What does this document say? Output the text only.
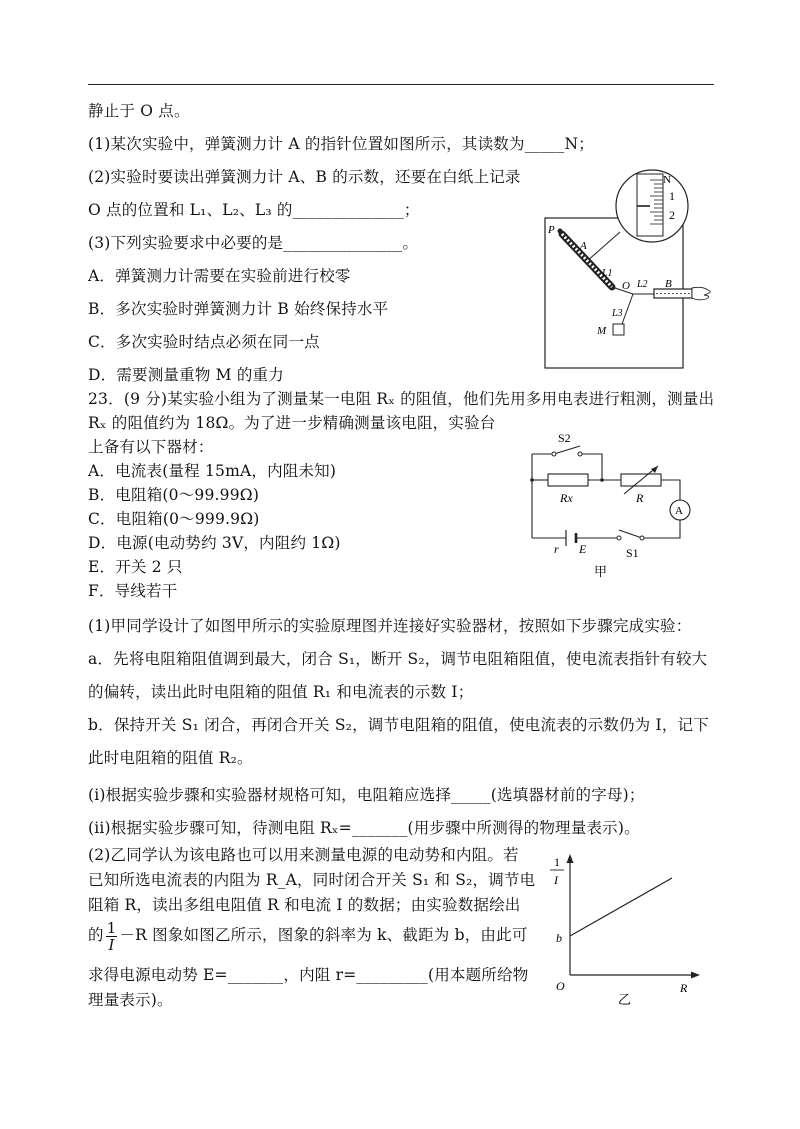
静止于 O 点。
(1)某次实验中，弹簧测力计 A 的指针位置如图所示，其读数为_____N；
(2)实验时要读出弹簧测力计 A、B 的示数，还要在白纸上记录
O 点的位置和 L₁、L₂、L₃ 的______________；
(3)下列实验要求中必要的是_______________。
A．弹簧测力计需要在实验前进行校零
B．多次实验时弹簧测力计 B 始终保持水平
C．多次实验时结点必须在同一点
D．需要测量重物 M 的重力
23．(9 分)某实验小组为了测量某一电阻 Rₓ 的阻值，他们先用多用电表进行粗测，测量出
Rₓ 的阻值约为 18Ω。为了进一步精确测量该电阻，实验台
上备有以下器材：
A．电流表(量程 15mA，内阻未知)
B．电阻箱(0～99.99Ω)
C．电阻箱(0～999.9Ω)
D．电源(电动势约 3V，内阻约 1Ω)
E．开关 2 只
F．导线若干
(1)甲同学设计了如图甲所示的实验原理图并连接好实验器材，按照如下步骤完成实验：
a．先将电阻箱阻值调到最大，闭合 S₁，断开 S₂，调节电阻箱阻值，使电流表指针有较大
的偏转，读出此时电阻箱的阻值 R₁ 和电流表的示数 I；
b．保持开关 S₁ 闭合，再闭合开关 S₂，调节电阻箱的阻值，使电流表的示数仍为 I，记下
此时电阻箱的阻值 R₂。
(i)根据实验步骤和实验器材规格可知，电阻箱应选择_____(选填器材前的字母)；
(ii)根据实验步骤可知，待测电阻 Rₓ=_______(用步骤中所测得的物理量表示)。
(2)乙同学认为该电路也可以用来测量电源的电动势和内阻。若
已知所选电流表的内阻为 R_A，同时闭合开关 S₁ 和 S₂，调节电
阻箱 R，读出多组电阻值 R 和电流 I 的数据；由实验数据绘出
的 $\frac{1}{I} -R$ 图象如图乙所示，图象的斜率为 k、截距为 b，由此可
求得电源电动势 E=_______，内阻 r=_________(用本题所给物
理量表示)。
N
1
2
P
A
L1
O L2 B
L3
M
S2
Rx	R
A
r E	S1
甲
1
I
b
O	R
乙
